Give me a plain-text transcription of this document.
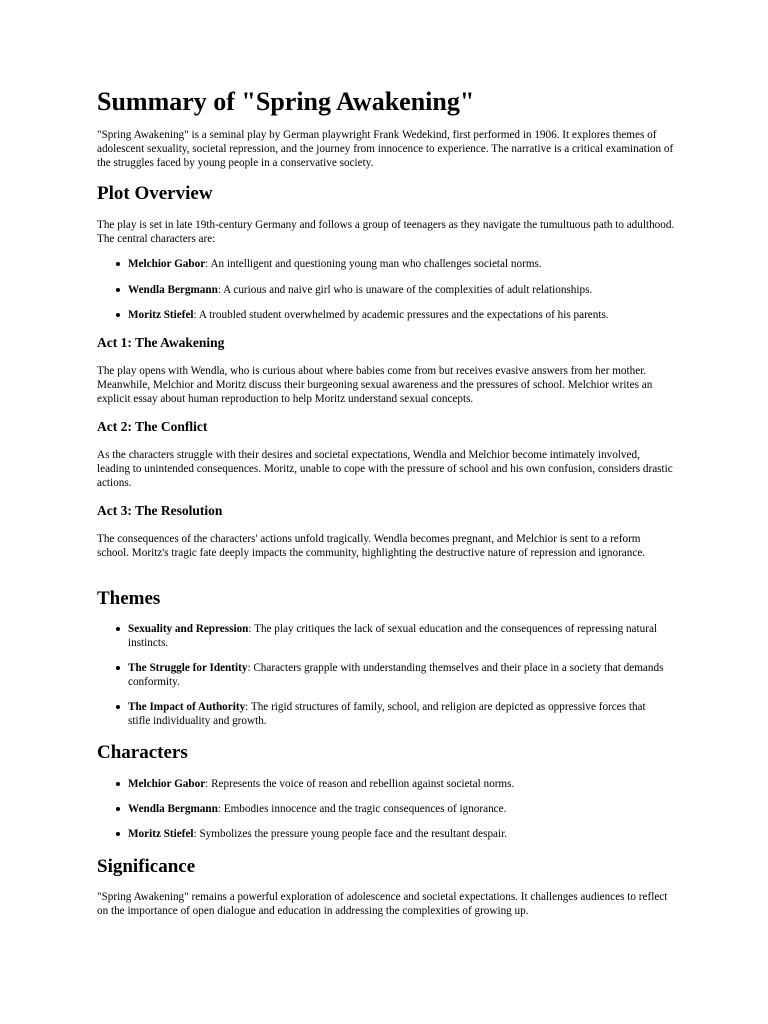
Summary of "Spring Awakening"

"Spring Awakening" is a seminal play by German playwright Frank Wedekind, first performed in 1906. It explores themes of adolescent sexuality, societal repression, and the journey from innocence to experience. The narrative is a critical examination of the struggles faced by young people in a conservative society.

Plot Overview

The play is set in late 19th-century Germany and follows a group of teenagers as they navigate the tumultuous path to adulthood. The central characters are:

Melchior Gabor: An intelligent and questioning young man who challenges societal norms.
Wendla Bergmann: A curious and naive girl who is unaware of the complexities of adult relationships.
Moritz Stiefel: A troubled student overwhelmed by academic pressures and the expectations of his parents.
Act 1: The Awakening

The play opens with Wendla, who is curious about where babies come from but receives evasive answers from her mother. Meanwhile, Melchior and Moritz discuss their burgeoning sexual awareness and the pressures of school. Melchior writes an explicit essay about human reproduction to help Moritz understand sexual concepts.

Act 2: The Conflict

As the characters struggle with their desires and societal expectations, Wendla and Melchior become intimately involved, leading to unintended consequences. Moritz, unable to cope with the pressure of school and his own confusion, considers drastic actions.

Act 3: The Resolution

The consequences of the characters' actions unfold tragically. Wendla becomes pregnant, and Melchior is sent to a reform school. Moritz's tragic fate deeply impacts the community, highlighting the destructive nature of repression and ignorance.

Themes
Sexuality and Repression: The play critiques the lack of sexual education and the consequences of repressing natural instincts.
The Struggle for Identity: Characters grapple with understanding themselves and their place in a society that demands conformity.
The Impact of Authority: The rigid structures of family, school, and religion are depicted as oppressive forces that stifle individuality and growth.
Characters
Melchior Gabor: Represents the voice of reason and rebellion against societal norms.
Wendla Bergmann: Embodies innocence and the tragic consequences of ignorance.
Moritz Stiefel: Symbolizes the pressure young people face and the resultant despair.
Significance

"Spring Awakening" remains a powerful exploration of adolescence and societal expectations. It challenges audiences to reflect on the importance of open dialogue and education in addressing the complexities of growing up.
